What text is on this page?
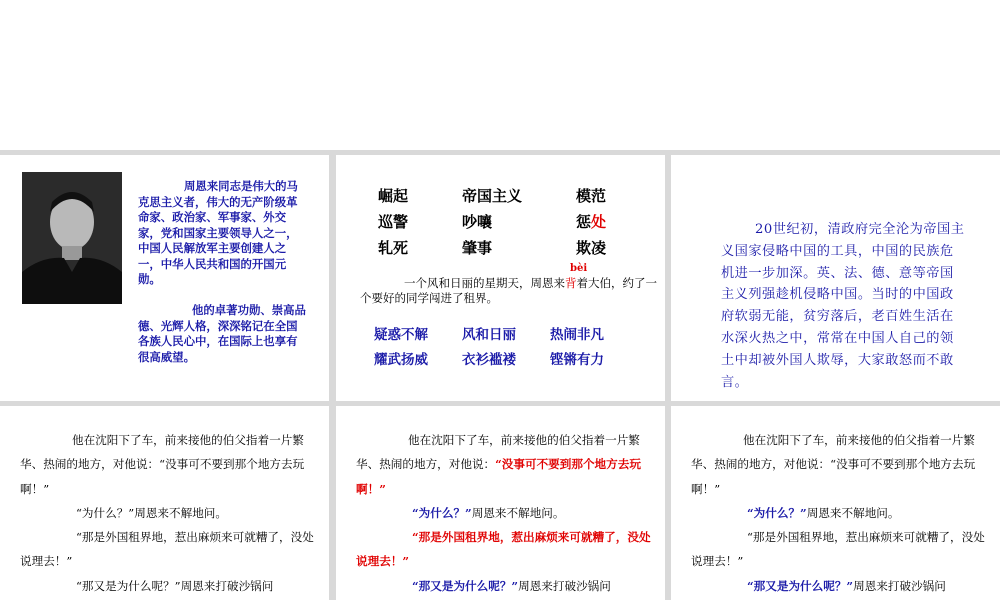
周恩来同志是伟大的马克思主义者，伟大的无产阶级革命家、政治家、军事家、外交家，党和国家主要领导人之一，中国人民解放军主要创建人之一，中华人民共和国的开国元勋。
他的卓著功勋、崇高品德、光辉人格，深深铭记在全国各族人民心中，在国际上也享有很高威望。
崛起	帝国主义	模范
巡警	吵嚷	惩处
轧死	肇事	欺凌
bèi
一个风和日丽的星期天，周恩来背着大伯，约了一个要好的同学闯进了租界。
疑惑不解	风和日丽	热闹非凡
耀武扬威	衣衫褴褛	铿锵有力
20世纪初，清政府完全沦为帝国主义国家侵略中国的工具，中国的民族危机进一步加深。英、法、德、意等帝国主义列强趁机侵略中国。当时的中国政府软弱无能，贫穷落后，老百姓生活在水深火热之中，常常在中国人自己的领土中却被外国人欺辱，大家敢怒而不敢言。

他在沈阳下了车，前来接他的伯父指着一片繁华、热闹的地方，对他说：“没事可不要到那个地方去玩啊！”

“为什么？”周恩来不解地问。

“那是外国租界地，惹出麻烦来可就糟了，没处说理去！”

“那又是为什么呢？”周恩来打破沙锅问

他在沈阳下了车，前来接他的伯父指着一片繁华、热闹的地方，对他说：“没事可不要到那个地方去玩啊！”

“为什么？”周恩来不解地问。

“那是外国租界地，惹出麻烦来可就糟了，没处说理去！”

“那又是为什么呢？”周恩来打破沙锅问

他在沈阳下了车，前来接他的伯父指着一片繁华、热闹的地方，对他说：“没事可不要到那个地方去玩啊！”

“为什么？”周恩来不解地问。

“那是外国租界地，惹出麻烦来可就糟了，没处说理去！”

“那又是为什么呢？”周恩来打破沙锅问
